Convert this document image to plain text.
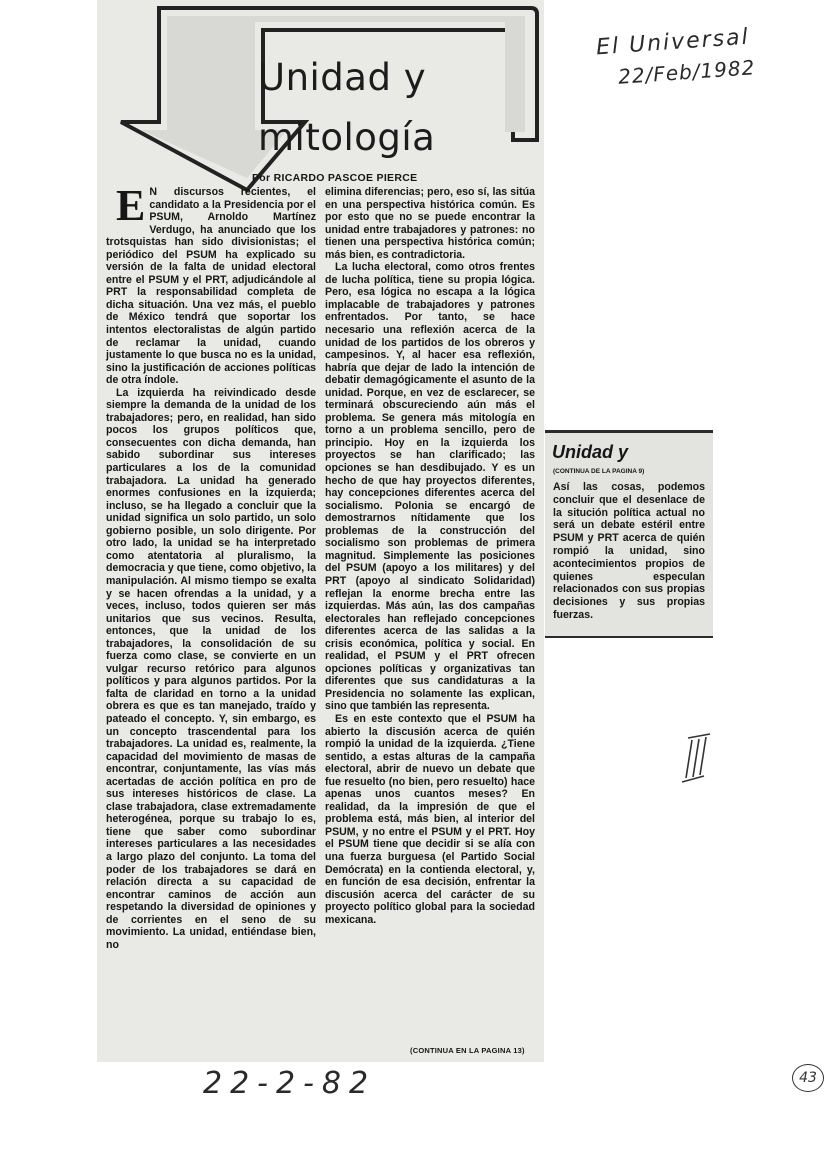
Unidad y
mitología
Por RICARDO PASCOE PIERCE
E N discursos recientes, el candidato a la Presidencia por el PSUM, Arnoldo Martínez Verdugo, ha anunciado que los trotsquistas han sido divisionistas; el periódico del PSUM ha explicado su versión de la falta de unidad electoral entre el PSUM y el PRT, adjudicándole al PRT la responsabilidad completa de dicha situación. Una vez más, el pueblo de México tendrá que soportar los intentos electoralistas de algún partido de reclamar la unidad, cuando justamente lo que busca no es la unidad, sino la justificación de acciones políticas de otra índole.

La izquierda ha reivindicado desde siempre la demanda de la unidad de los trabajadores; pero, en realidad, han sido pocos los grupos políticos que, consecuentes con dicha demanda, han sabido subordinar sus intereses particulares a los de la comunidad trabajadora. La unidad ha generado enormes confusiones en la izquierda; incluso, se ha llegado a concluir que la unidad significa un solo partido, un solo gobierno posible, un solo dirigente. Por otro lado, la unidad se ha interpretado como atentatoria al pluralismo, la democracia y que tiene, como objetivo, la manipulación. Al mismo tiempo se exalta y se hacen ofrendas a la unidad, y a veces, incluso, todos quieren ser más unitarios que sus vecinos. Resulta, entonces, que la unidad de los trabajadores, la consolidación de su fuerza como clase, se convierte en un vulgar recurso retórico para algunos políticos y para algunos partidos. Por la falta de claridad en torno a la unidad obrera es que es tan manejado, traído y pateado el concepto. Y, sin embargo, es un concepto trascendental para los trabajadores. La unidad es, realmente, la capacidad del movimiento de masas de encontrar, conjuntamente, las vías más acertadas de acción política en pro de sus intereses históricos de clase. La clase trabajadora, clase extremadamente heterogénea, porque su trabajo lo es, tiene que saber como subordinar intereses particulares a las necesidades a largo plazo del conjunto. La toma del poder de los trabajadores se dará en relación directa a su capacidad de encontrar caminos de acción aun respetando la diversidad de opiniones y de corrientes en el seno de su movimiento. La unidad, entiéndase bien, no

elimina diferencias; pero, eso sí, las sitúa en una perspectiva histórica común. Es por esto que no se puede encontrar la unidad entre trabajadores y patrones: no tienen una perspectiva histórica común; más bien, es contradictoria.

La lucha electoral, como otros frentes de lucha política, tiene su propia lógica. Pero, esa lógica no escapa a la lógica implacable de trabajadores y patrones enfrentados. Por tanto, se hace necesario una reflexión acerca de la unidad de los partidos de los obreros y campesinos. Y, al hacer esa reflexión, habría que dejar de lado la intención de debatir demagógicamente el asunto de la unidad. Porque, en vez de esclarecer, se terminará obscureciendo aún más el problema. Se genera más mitología en torno a un problema sencillo, pero de principio. Hoy en la izquierda los proyectos se han clarificado; las opciones se han desdibujado. Y es un hecho de que hay proyectos diferentes, hay concepciones diferentes acerca del socialismo. Polonia se encargó de demostrarnos nítidamente que los problemas de la construcción del socialismo son problemas de primera magnitud. Simplemente las posiciones del PSUM (apoyo a los militares) y del PRT (apoyo al sindicato Solidaridad) reflejan la enorme brecha entre las izquierdas. Más aún, las dos campañas electorales han reflejado concepciones diferentes acerca de las salidas a la crisis económica, política y social. En realidad, el PSUM y el PRT ofrecen opciones políticas y organizativas tan diferentes que sus candidaturas a la Presidencia no solamente las explican, sino que también las representa.

Es en este contexto que el PSUM ha abierto la discusión acerca de quién rompió la unidad de la izquierda. ¿Tiene sentido, a estas alturas de la campaña electoral, abrir de nuevo un debate que fue resuelto (no bien, pero resuelto) hace apenas unos cuantos meses? En realidad, da la impresión de que el problema está, más bien, al interior del PSUM, y no entre el PSUM y el PRT. Hoy el PSUM tiene que decidir si se alía con una fuerza burguesa (el Partido Social Demócrata) en la contienda electoral, y, en función de esa decisión, enfrentar la discusión acerca del carácter de su proyecto político global para la sociedad mexicana.

(CONTINUA EN LA PAGINA 13)
Unidad y
(CONTINUA DE LA PAGINA 9)
Así las cosas, podemos concluir que el desenlace de la situción política actual no será un debate estéril entre PSUM y PRT acerca de quién rompió la unidad, sino acontecimientos propios de quienes especulan relacionados con sus propias decisiones y sus propias fuerzas.
El Universal
22/Feb/1982
22-2-82	43
